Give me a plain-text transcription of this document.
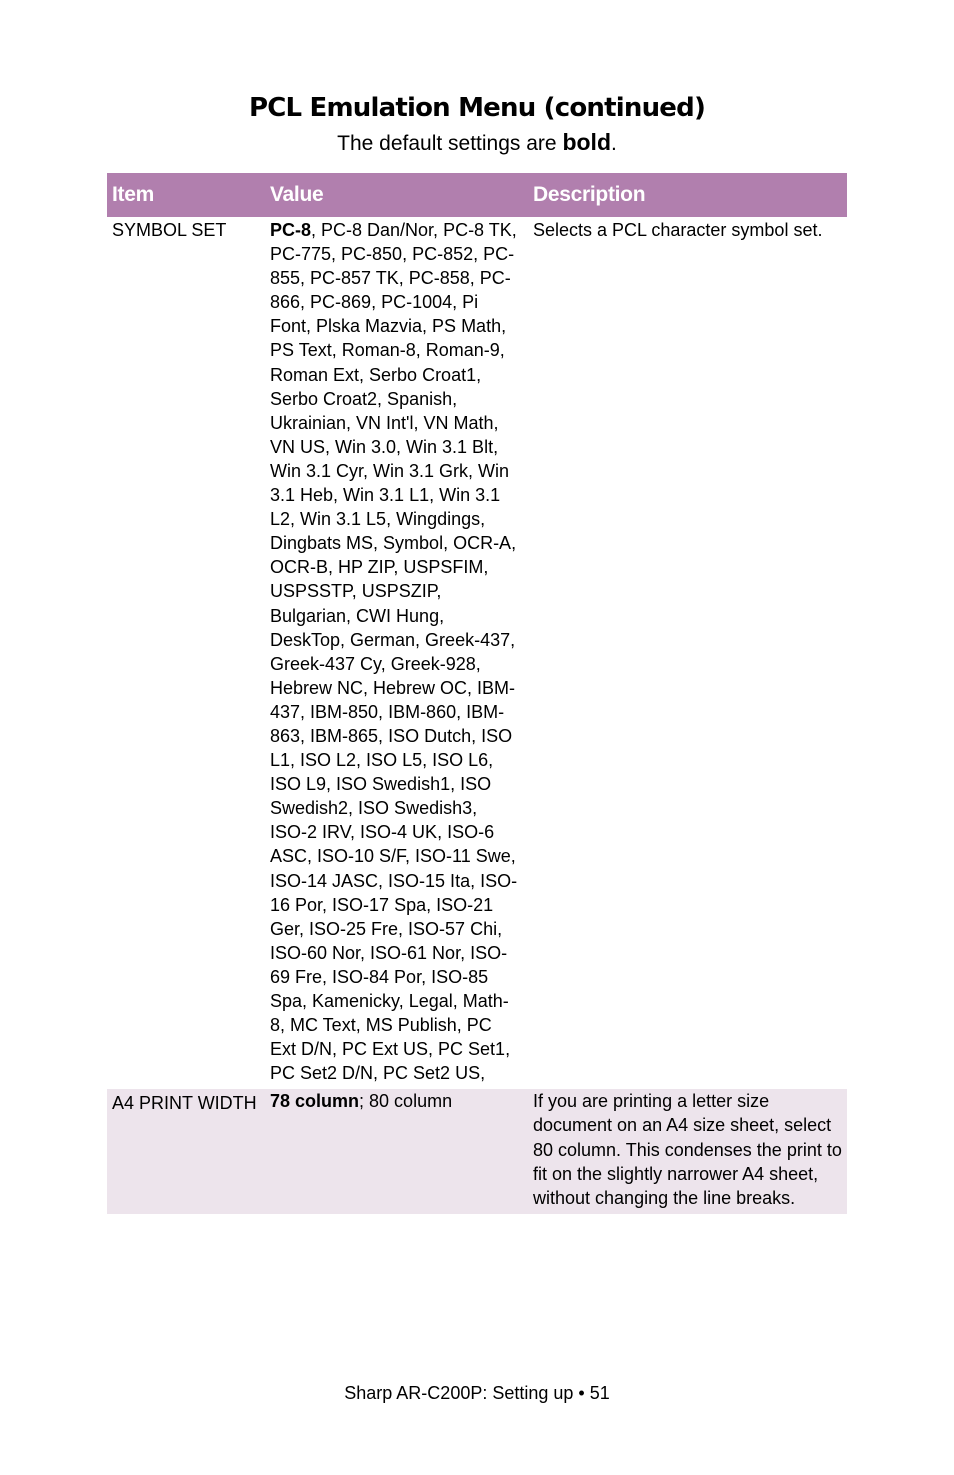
PCL Emulation Menu (continued)
The default settings are bold.
Item	Value	Description
SYMBOL SET	PC-8, PC-8 Dan/Nor, PC-8 TK, PC-775, PC-850, PC-852, PC-855, PC-857 TK, PC-858, PC-866, PC-869, PC-1004, Pi Font, Plska Mazvia, PS Math, PS Text, Roman-8, Roman-9, Roman Ext, Serbo Croat1, Serbo Croat2, Spanish, Ukrainian, VN Int'l, VN Math, VN US, Win 3.0, Win 3.1 Blt, Win 3.1 Cyr, Win 3.1 Grk, Win 3.1 Heb, Win 3.1 L1, Win 3.1 L2, Win 3.1 L5, Wingdings, Dingbats MS, Symbol, OCR-A, OCR-B, HP ZIP, USPSFIM, USPSSTP, USPSZIP, Bulgarian, CWI Hung, DeskTop, German, Greek-437, Greek-437 Cy, Greek-928, Hebrew NC, Hebrew OC, IBM-437, IBM-850, IBM-860, IBM-863, IBM-865, ISO Dutch, ISO L1, ISO L2, ISO L5, ISO L6, ISO L9, ISO Swedish1, ISO Swedish2, ISO Swedish3, ISO-2 IRV, ISO-4 UK, ISO-6 ASC, ISO-10 S/F, ISO-11 Swe, ISO-14 JASC, ISO-15 Ita, ISO-16 Por, ISO-17 Spa, ISO-21 Ger, ISO-25 Fre, ISO-57 Chi, ISO-60 Nor, ISO-61 Nor, ISO-69 Fre, ISO-84 Por, ISO-85 Spa, Kamenicky, Legal, Math-8, MC Text, MS Publish, PC Ext D/N, PC Ext US, PC Set1, PC Set2 D/N, PC Set2 US,	Selects a PCL character symbol set.
A4 PRINT WIDTH	78 column; 80 column	If you are printing a letter size document on an A4 size sheet, select 80 column. This condenses the print to fit on the slightly narrower A4 sheet, without changing the line breaks.
Sharp AR-C200P: Setting up • 51
